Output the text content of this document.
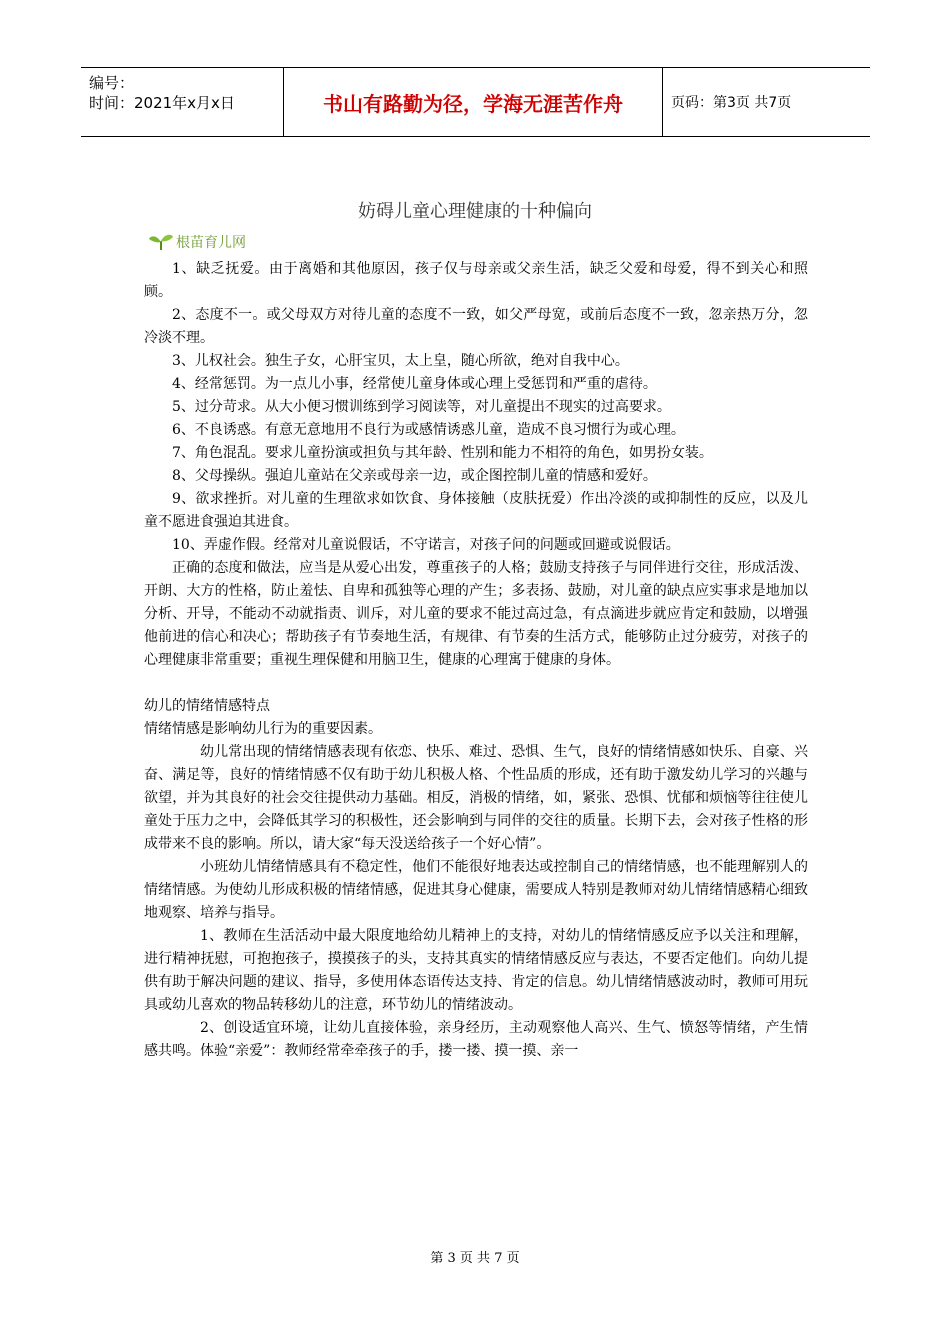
编号：
时间：2021年x月x日	书山有路勤为径，学海无涯苦作舟	页码：第3页 共7页
妨碍儿童心理健康的十种偏向
根苗育儿网

1、缺乏抚爱。由于离婚和其他原因，孩子仅与母亲或父亲生活，缺乏父爱和母爱，得不到关心和照顾。

2、态度不一。或父母双方对待儿童的态度不一致，如父严母宽，或前后态度不一致，忽亲热万分，忽冷淡不理。

3、儿权社会。独生子女，心肝宝贝，太上皇，随心所欲，绝对自我中心。

4、经常惩罚。为一点儿小事，经常使儿童身体或心理上受惩罚和严重的虐待。

5、过分苛求。从大小便习惯训练到学习阅读等，对儿童提出不现实的过高要求。

6、不良诱惑。有意无意地用不良行为或感情诱惑儿童，造成不良习惯行为或心理。

7、角色混乱。要求儿童扮演或担负与其年龄、性别和能力不相符的角色，如男扮女装。

8、父母操纵。强迫儿童站在父亲或母亲一边，或企图控制儿童的情感和爱好。

9、欲求挫折。对儿童的生理欲求如饮食、身体接触（皮肤抚爱）作出冷淡的或抑制性的反应，以及儿童不愿进食强迫其进食。

10、弄虚作假。经常对儿童说假话，不守诺言，对孩子问的问题或回避或说假话。

正确的态度和做法，应当是从爱心出发，尊重孩子的人格；鼓励支持孩子与同伴进行交往，形成活泼、开朗、大方的性格，防止羞怯、自卑和孤独等心理的产生；多表扬、鼓励，对儿童的缺点应实事求是地加以分析、开导，不能动不动就指责、训斥，对儿童的要求不能过高过急，有点滴进步就应肯定和鼓励，以增强他前进的信心和决心；帮助孩子有节奏地生活，有规律、有节奏的生活方式，能够防止过分疲劳，对孩子的心理健康非常重要；重视生理保健和用脑卫生，健康的心理寓于健康的身体。

幼儿的情绪情感特点

情绪情感是影响幼儿行为的重要因素。

幼儿常出现的情绪情感表现有依恋、快乐、难过、恐惧、生气，良好的情绪情感如快乐、自豪、兴奋、满足等，良好的情绪情感不仅有助于幼儿积极人格、个性品质的形成，还有助于激发幼儿学习的兴趣与欲望，并为其良好的社会交往提供动力基础。相反，消极的情绪，如，紧张、恐惧、忧郁和烦恼等往往使儿童处于压力之中，会降低其学习的积极性，还会影响到与同伴的交往的质量。长期下去，会对孩子性格的形成带来不良的影响。所以，请大家“每天没送给孩子一个好心情”。

小班幼儿情绪情感具有不稳定性，他们不能很好地表达或控制自己的情绪情感，也不能理解别人的情绪情感。为使幼儿形成积极的情绪情感，促进其身心健康，需要成人特别是教师对幼儿情绪情感精心细致地观察、培养与指导。

1、教师在生活活动中最大限度地给幼儿精神上的支持，对幼儿的情绪情感反应予以关注和理解，进行精神抚慰，可抱抱孩子，摸摸孩子的头，支持其真实的情绪情感反应与表达，不要否定他们。向幼儿提供有助于解决问题的建议、指导，多使用体态语传达支持、肯定的信息。幼儿情绪情感波动时，教师可用玩具或幼儿喜欢的物品转移幼儿的注意，环节幼儿的情绪波动。

2、创设适宜环境，让幼儿直接体验，亲身经历，主动观察他人高兴、生气、愤怒等情绪，产生情感共鸣。体验“亲爱”：教师经常牵牵孩子的手，搂一搂、摸一摸、亲一

第 3 页 共 7 页
